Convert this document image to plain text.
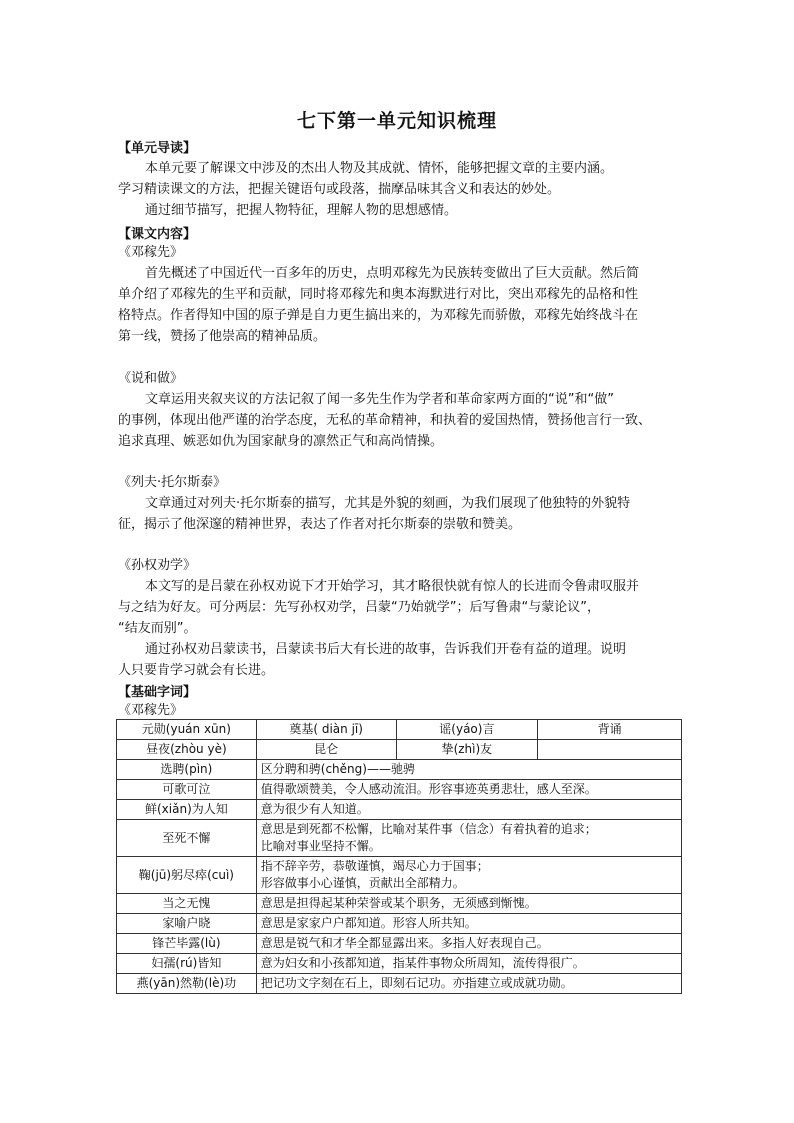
七下第一单元知识梳理
【单元导读】
本单元要了解课文中涉及的杰出人物及其成就、情怀，能够把握文章的主要内涵。
学习精读课文的方法，把握关键语句或段落，揣摩品味其含义和表达的妙处。
通过细节描写，把握人物特征，理解人物的思想感情。
【课文内容】
《邓稼先》
首先概述了中国近代一百多年的历史，点明邓稼先为民族转变做出了巨大贡献。然后简
单介绍了邓稼先的生平和贡献，同时将邓稼先和奥本海默进行对比，突出邓稼先的品格和性
格特点。作者得知中国的原子弹是自力更生搞出来的，为邓稼先而骄傲，邓稼先始终战斗在
第一线，赞扬了他崇高的精神品质。
《说和做》
文章运用夹叙夹议的方法记叙了闻一多先生作为学者和革命家两方面的“说”和“做”
的事例，体现出他严谨的治学态度，无私的革命精神，和执着的爱国热情，赞扬他言行一致、
追求真理、嫉恶如仇为国家献身的凛然正气和高尚情操。
《列夫·托尔斯泰》
文章通过对列夫·托尔斯泰的描写，尤其是外貌的刻画，为我们展现了他独特的外貌特
征，揭示了他深邃的精神世界，表达了作者对托尔斯泰的崇敬和赞美。
《孙权劝学》
本文写的是吕蒙在孙权劝说下才开始学习，其才略很快就有惊人的长进而令鲁肃叹服并
与之结为好友。可分两层：先写孙权劝学，吕蒙“乃始就学”；后写鲁肃“与蒙论议”，
“结友而别”。
通过孙权劝吕蒙读书，吕蒙读书后大有长进的故事，告诉我们开卷有益的道理。说明
人只要肯学习就会有长进。
【基础字词】
《邓稼先》
元勋(yuán xūn)	奠基( diàn jī)	谣(yáo)言	背诵
昼夜(zhòu yè)	昆仑	挚(zhì)友	
选聘(pìn)	区分聘和骋(chěng)——驰骋		

可歌可泣	值得歌颂赞美，令人感动流泪。形容事迹英勇悲壮，感人至深。		

鲜(xiǎn)为人知	意为很少有人知道。		

至死不懈	意思是到死都不松懈，比喻对某件事（信念）有着执着的追求；
比喻对事业坚持不懈。		

鞠(jū)躬尽瘁(cuì)	指不辞辛劳，恭敬谨慎，竭尽心力于国事；
形容做事小心谨慎，贡献出全部精力。		

当之无愧	意思是担得起某种荣誉或某个职务，无须感到惭愧。		

家喻户晓	意思是家家户户都知道。形容人所共知。		

锋芒毕露(lù)	意思是锐气和才华全都显露出来。多指人好表现自己。		

妇孺(rú)皆知	意为妇女和小孩都知道，指某件事物众所周知，流传得很广。		

燕(yān)然勒(lè)功	把记功文字刻在石上，即刻石记功。亦指建立或成就功勋。		
